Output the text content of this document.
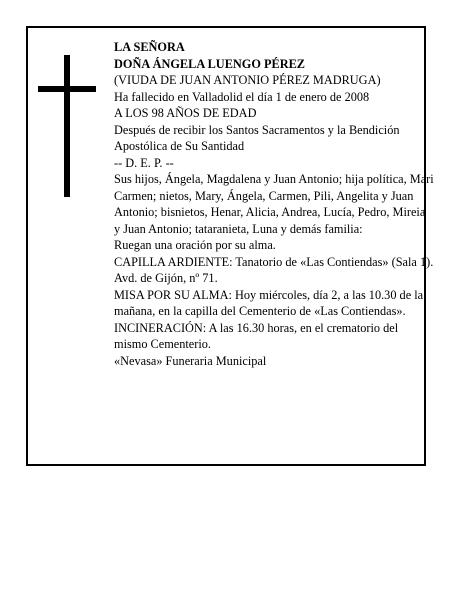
LA SEÑORA

DOÑA ÁNGELA LUENGO PÉREZ

(VIUDA DE JUAN ANTONIO PÉREZ MADRUGA)

Ha fallecido en Valladolid el día 1 de enero de 2008

A LOS 98 AÑOS DE EDAD

Después de recibir los Santos Sacramentos y la Bendición Apostólica de Su Santidad

-- D. E. P. --

Sus hijos, Ángela, Magdalena y Juan Antonio; hija política, Mari Carmen; nietos, Mary, Ángela, Carmen, Pili, Angelita y Juan Antonio; bisnietos, Henar, Alicia, Andrea, Lucía, Pedro, Mireia y Juan Antonio; tataranieta, Luna y demás familia:

Ruegan una oración por su alma.

CAPILLA ARDIENTE: Tanatorio de «Las Contiendas» (Sala 1). Avd. de Gijón, nº 71.

MISA POR SU ALMA: Hoy miércoles, día 2, a las 10.30 de la mañana, en la capilla del Cementerio de «Las Contiendas».

INCINERACIÓN: A las 16.30 horas, en el crematorio del mismo Cementerio.

«Nevasa» Funeraria Municipal
